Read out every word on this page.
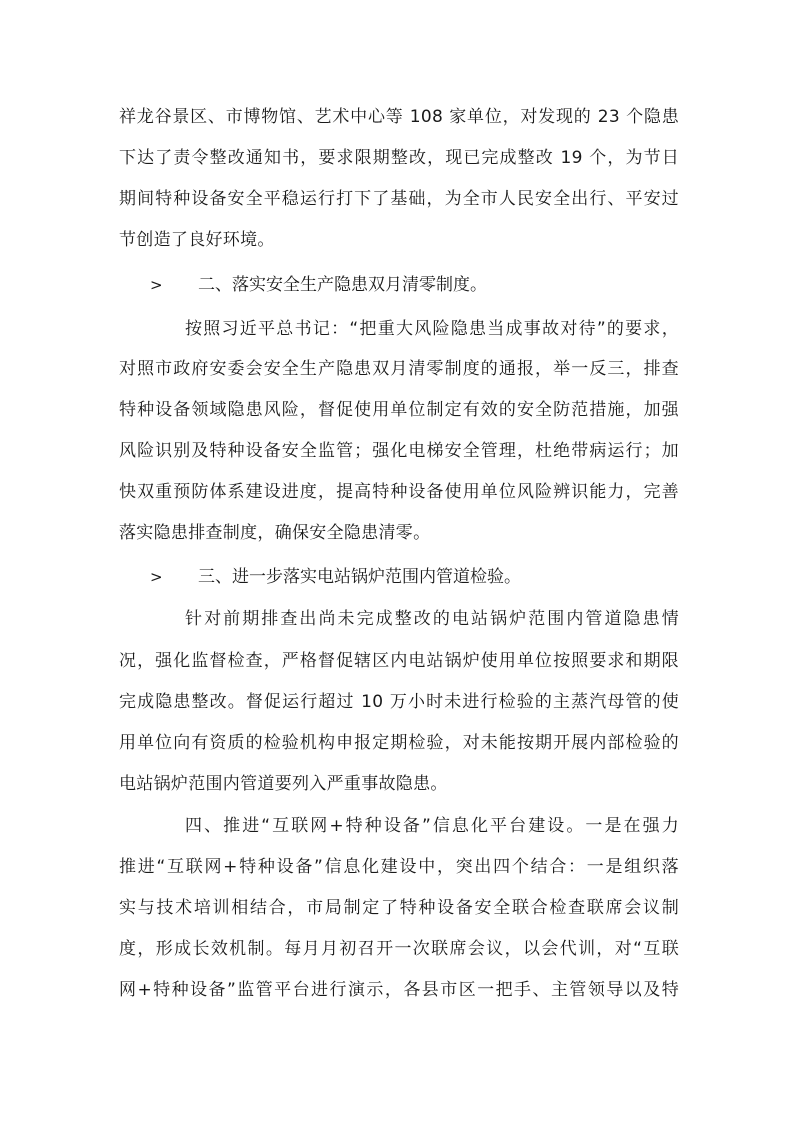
祥龙谷景区、市博物馆、艺术中心等 108 家单位，对发现的 23 个隐患
下达了责令整改通知书，要求限期整改，现已完成整改 19 个，为节日
期间特种设备安全平稳运行打下了基础，为全市人民安全出行、平安过
节创造了良好环境。
> 二、落实安全生产隐患双月清零制度。
按照习近平总书记：“把重大风险隐患当成事故对待”的要求，
对照市政府安委会安全生产隐患双月清零制度的通报，举一反三，排查
特种设备领域隐患风险，督促使用单位制定有效的安全防范措施，加强
风险识别及特种设备安全监管；强化电梯安全管理，杜绝带病运行；加
快双重预防体系建设进度，提高特种设备使用单位风险辨识能力，完善
落实隐患排查制度，确保安全隐患清零。
> 三、进一步落实电站锅炉范围内管道检验。
针对前期排查出尚未完成整改的电站锅炉范围内管道隐患情
况，强化监督检查，严格督促辖区内电站锅炉使用单位按照要求和期限
完成隐患整改。督促运行超过 10 万小时未进行检验的主蒸汽母管的使
用单位向有资质的检验机构申报定期检验，对未能按期开展内部检验的
电站锅炉范围内管道要列入严重事故隐患。
四、推进“互联网+特种设备”信息化平台建设。一是在强力
推进“互联网+特种设备”信息化建设中，突出四个结合：一是组织落
实与技术培训相结合，市局制定了特种设备安全联合检查联席会议制
度，形成长效机制。每月月初召开一次联席会议，以会代训，对“互联
网+特种设备”监管平台进行演示，各县市区一把手、主管领导以及特
